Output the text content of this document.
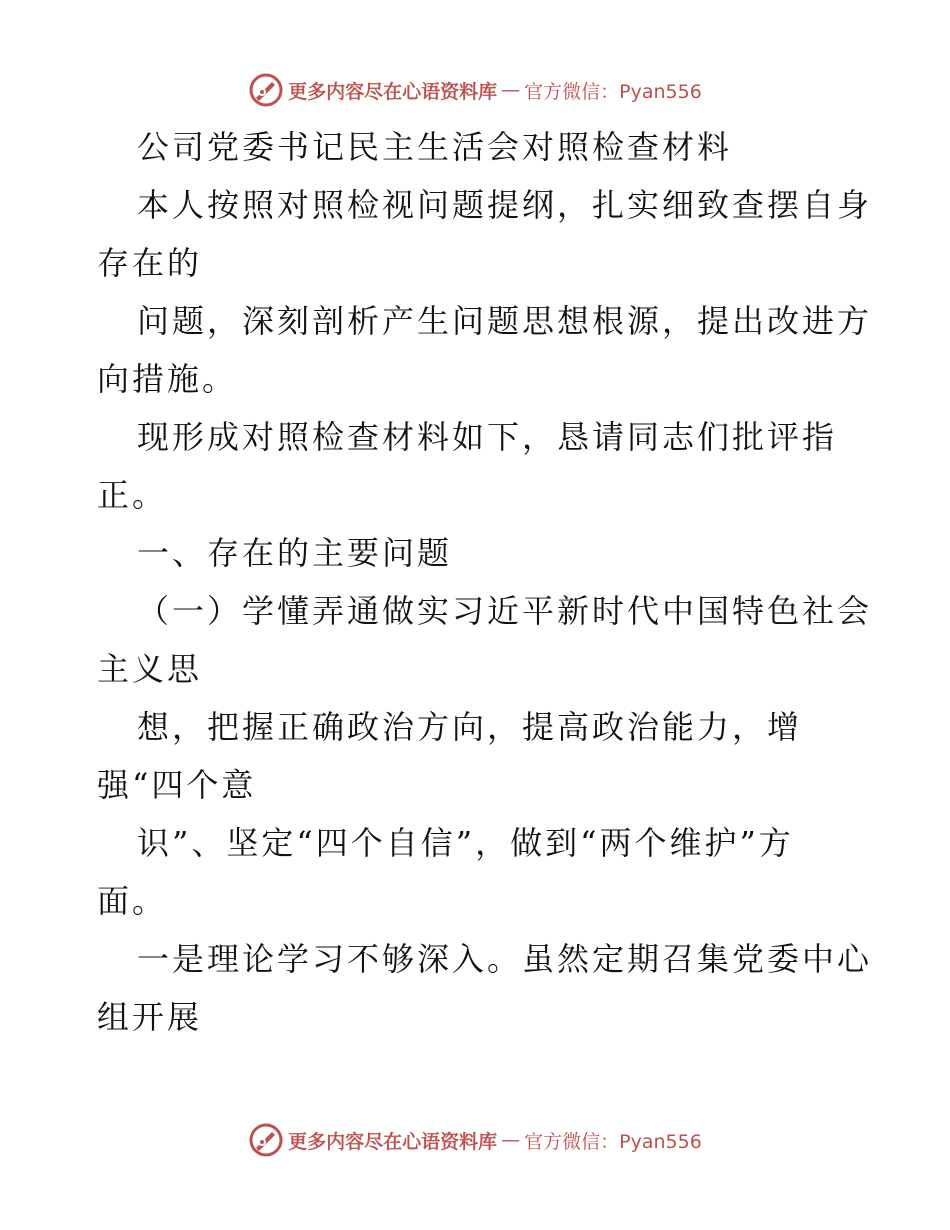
更多内容尽在心语资料库 — 官方微信：Pyan556
公司党委书记民主生活会对照检查材料
本人按照对照检视问题提纲，扎实细致查摆自身
存在的
问题，深刻剖析产生问题思想根源，提出改进方
向措施。
现形成对照检查材料如下，恳请同志们批评指
正。
一、存在的主要问题
（一）学懂弄通做实习近平新时代中国特色社会
主义思
想，把握正确政治方向，提高政治能力，增
强“四个意
识”、坚定“四个自信”，做到“两个维护”方
面。
一是理论学习不够深入。虽然定期召集党委中心
组开展
更多内容尽在心语资料库 — 官方微信：Pyan556
